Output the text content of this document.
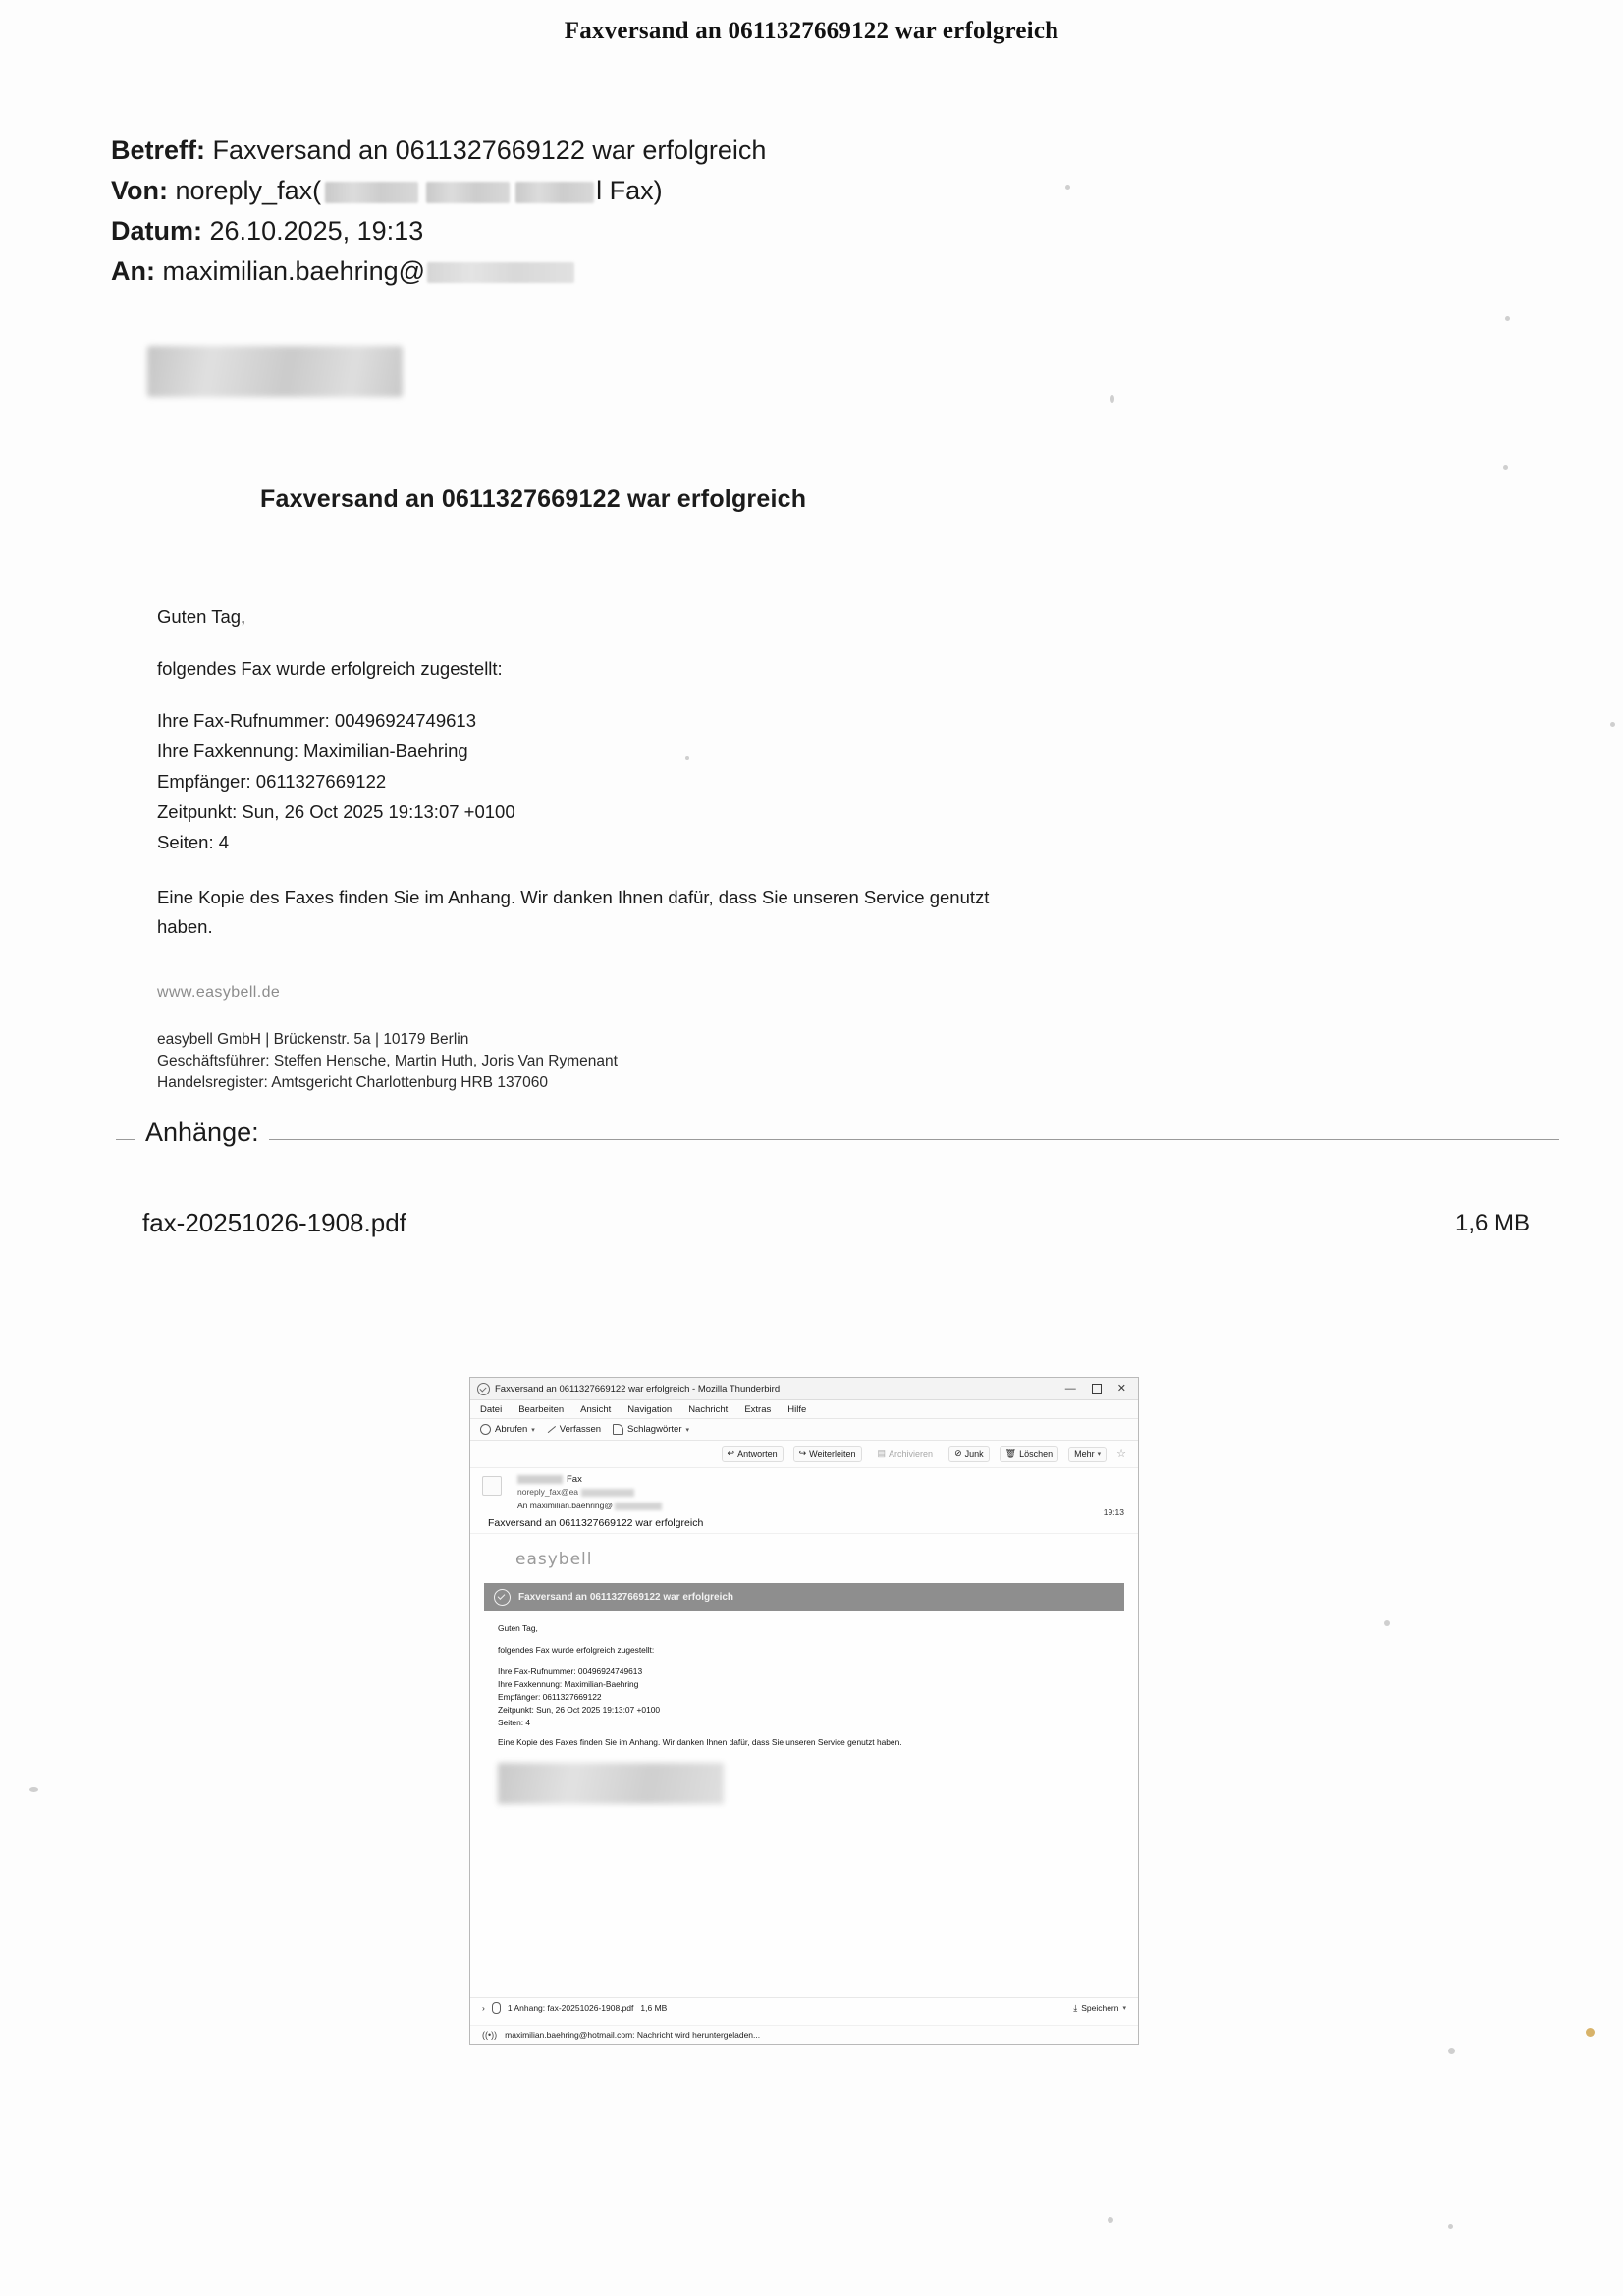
Faxversand an 0611327669122 war erfolgreich
Betreff: Faxversand an 0611327669122 war erfolgreich
Von: noreply_fax(	l Fax)
Datum: 26.10.2025, 19:13
An: maximilian.baehring@
Faxversand an 0611327669122 war erfolgreich

Guten Tag,

folgendes Fax wurde erfolgreich zugestellt:

Ihre Fax-Rufnummer: 00496924749613
Ihre Faxkennung: Maximilian-Baehring
Empfänger: 0611327669122
Zeitpunkt: Sun, 26 Oct 2025 19:13:07 +0100
Seiten: 4

Eine Kopie des Faxes finden Sie im Anhang. Wir danken Ihnen dafür, dass Sie unseren Service genutzt

haben.

www.easybell.de
easybell GmbH | Brückenstr. 5a | 10179 Berlin
Geschäftsführer: Steffen Hensche, Martin Huth, Joris Van Rymenant
Handelsregister: Amtsgericht Charlottenburg HRB 137060
Anhänge:
fax-20251026-1908.pdf	1,6 MB
Faxversand an 0611327669122 war erfolgreich - Mozilla Thunderbird	—	✕
Datei Bearbeiten Ansicht Navigation Nachricht Extras Hilfe
Abrufen ▾	Verfassen	Schlagwörter ▾
↩ Antworten ↪ Weiterleiten ▤ Archivieren ⊘ Junk 🗑 Löschen Mehr ▾ ☆
Fax
noreply_fax@ea
An maximilian.baehring@
19:13
Faxversand an 0611327669122 war erfolgreich
easybell
Faxversand an 0611327669122 war erfolgreich

Guten Tag,

folgendes Fax wurde erfolgreich zugestellt:

Ihre Fax-Rufnummer: 00496924749613
Ihre Faxkennung: Maximilian-Baehring
Empfänger: 0611327669122
Zeitpunkt: Sun, 26 Oct 2025 19:13:07 +0100
Seiten: 4

Eine Kopie des Faxes finden Sie im Anhang. Wir danken Ihnen dafür, dass Sie unseren Service genutzt haben.

›	1 Anhang: fax-20251026-1908.pdf 1,6 MB	⤓ Speichern ▾
((•)) maximilian.baehring@hotmail.com: Nachricht wird heruntergeladen...
